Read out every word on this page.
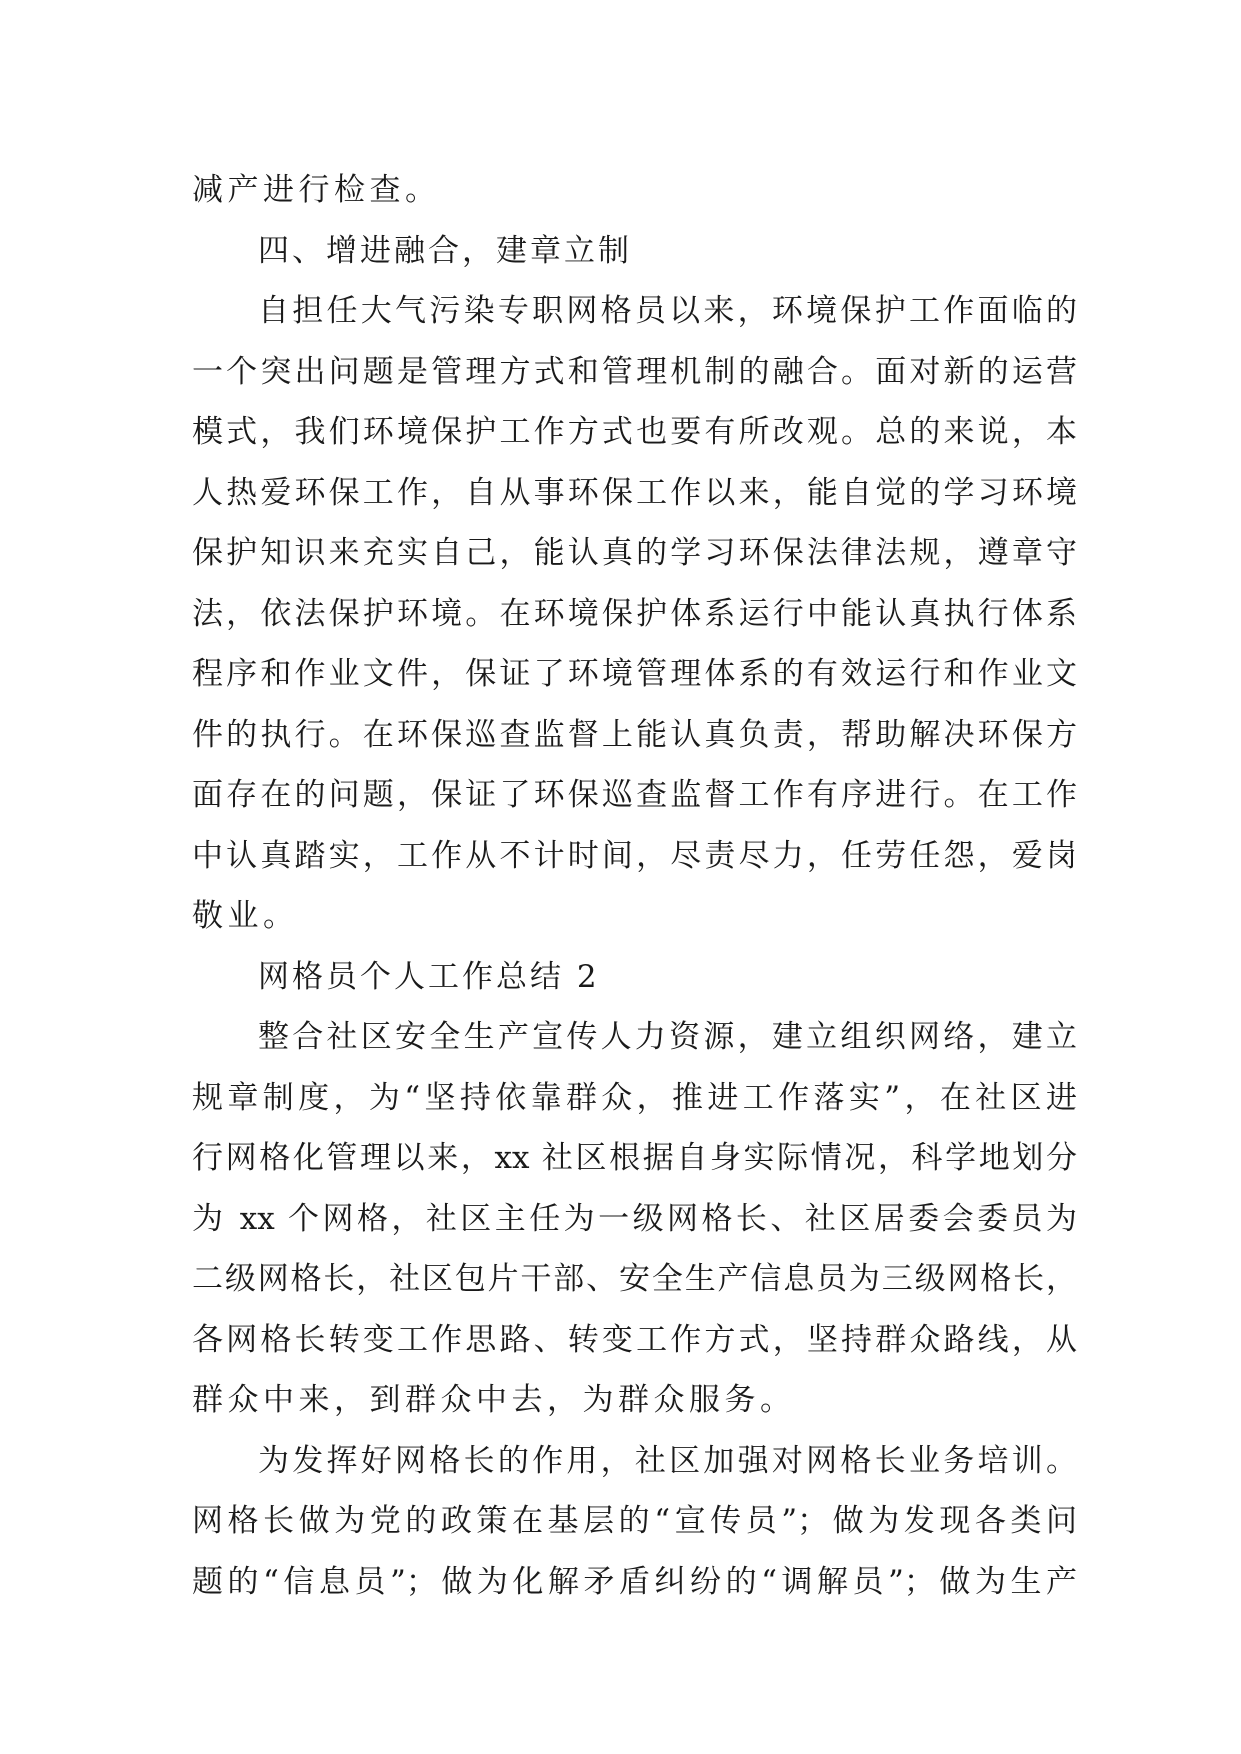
减产进行检查。
四、增进融合，建章立制
自担任大气污染专职网格员以来，环境保护工作面临的
一个突出问题是管理方式和管理机制的融合。面对新的运营
模式，我们环境保护工作方式也要有所改观。总的来说，本
人热爱环保工作，自从事环保工作以来，能自觉的学习环境
保护知识来充实自己，能认真的学习环保法律法规，遵章守
法，依法保护环境。在环境保护体系运行中能认真执行体系
程序和作业文件，保证了环境管理体系的有效运行和作业文
件的执行。在环保巡查监督上能认真负责，帮助解决环保方
面存在的问题，保证了环保巡查监督工作有序进行。在工作
中认真踏实，工作从不计时间，尽责尽力，任劳任怨，爱岗
敬业。
网格员个人工作总结 2
整合社区安全生产宣传人力资源，建立组织网络，建立
规章制度，为“坚持依靠群众，推进工作落实”，在社区进
行网格化管理以来，xx 社区根据自身实际情况，科学地划分
为 xx 个网格，社区主任为一级网格长、社区居委会委员为
二级网格长，社区包片干部、安全生产信息员为三级网格长，
各网格长转变工作思路、转变工作方式，坚持群众路线，从
群众中来，到群众中去，为群众服务。
为发挥好网格长的作用，社区加强对网格长业务培训。
网格长做为党的政策在基层的“宣传员”；做为发现各类问
题的“信息员”；做为化解矛盾纠纷的“调解员”；做为生产
